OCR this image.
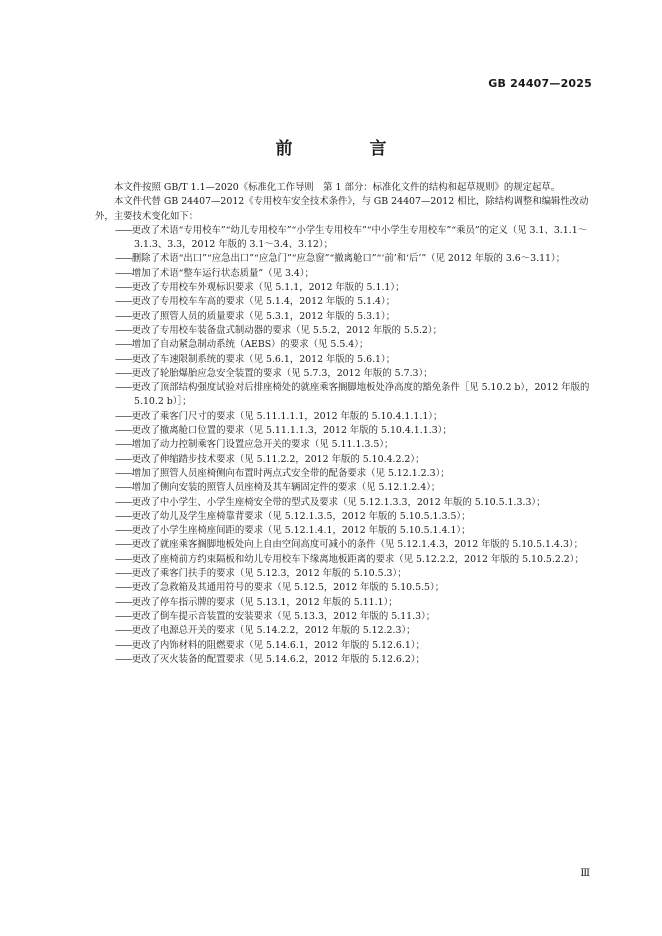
GB 24407—2025
前　言

本文件按照 GB/T 1.1—2020《标准化工作导则　第 1 部分：标准化文件的结构和起草规则》的规定起草。

本文件代替 GB 24407—2012《专用校车安全技术条件》，与 GB 24407—2012 相比，除结构调整和编辑性改动外，主要技术变化如下：

——更改了术语“专用校车”“幼儿专用校车”“小学生专用校车”“中小学生专用校车”“乘员”的定义（见 3.1、3.1.1～3.1.3、3.3，2012 年版的 3.1～3.4、3.12）；

——删除了术语“出口”“应急出口”“应急门”“应急窗”“撤离舱口”“‘前’和‘后’”（见 2012 年版的 3.6～3.11）；

——增加了术语“整车运行状态质量”（见 3.4）；

——更改了专用校车外观标识要求（见 5.1.1，2012 年版的 5.1.1）；

——更改了专用校车车高的要求（见 5.1.4，2012 年版的 5.1.4）；

——更改了照管人员的质量要求（见 5.3.1，2012 年版的 5.3.1）；

——更改了专用校车装备盘式制动器的要求（见 5.5.2，2012 年版的 5.5.2）；

——增加了自动紧急制动系统（AEBS）的要求（见 5.5.4）；

——更改了车速限制系统的要求（见 5.6.1，2012 年版的 5.6.1）；

——更改了轮胎爆胎应急安全装置的要求（见 5.7.3，2012 年版的 5.7.3）；

——更改了顶部结构强度试验对后排座椅处的就座乘客搁脚地板处净高度的豁免条件［见 5.10.2 b），2012 年版的 5.10.2 b）］；

——更改了乘客门尺寸的要求（见 5.11.1.1.1，2012 年版的 5.10.4.1.1.1）；

——更改了撤离舱口位置的要求（见 5.11.1.1.3，2012 年版的 5.10.4.1.1.3）；

——增加了动力控制乘客门设置应急开关的要求（见 5.11.1.3.5）；

——更改了伸缩踏步技术要求（见 5.11.2.2，2012 年版的 5.10.4.2.2）；

——增加了照管人员座椅侧向布置时两点式安全带的配备要求（见 5.12.1.2.3）；

——增加了侧向安装的照管人员座椅及其车辆固定件的要求（见 5.12.1.2.4）；

——更改了中小学生、小学生座椅安全带的型式及要求（见 5.12.1.3.3，2012 年版的 5.10.5.1.3.3）；

——更改了幼儿及学生座椅靠背要求（见 5.12.1.3.5，2012 年版的 5.10.5.1.3.5）；

——更改了小学生座椅座间距的要求（见 5.12.1.4.1，2012 年版的 5.10.5.1.4.1）；

——更改了就座乘客搁脚地板处向上自由空间高度可减小的条件（见 5.12.1.4.3，2012 年版的 5.10.5.1.4.3）；

——更改了座椅前方约束隔板和幼儿专用校车下缘离地板距离的要求（见 5.12.2.2，2012 年版的 5.10.5.2.2）；

——更改了乘客门扶手的要求（见 5.12.3，2012 年版的 5.10.5.3）；

——更改了急救箱及其通用符号的要求（见 5.12.5，2012 年版的 5.10.5.5）；

——更改了停车指示牌的要求（见 5.13.1，2012 年版的 5.11.1）；

——更改了倒车提示音装置的安装要求（见 5.13.3，2012 年版的 5.11.3）；

——更改了电源总开关的要求（见 5.14.2.2，2012 年版的 5.12.2.3）；

——更改了内饰材料的阻燃要求（见 5.14.6.1，2012 年版的 5.12.6.1）；

——更改了灭火装备的配置要求（见 5.14.6.2，2012 年版的 5.12.6.2）；

Ⅲ
